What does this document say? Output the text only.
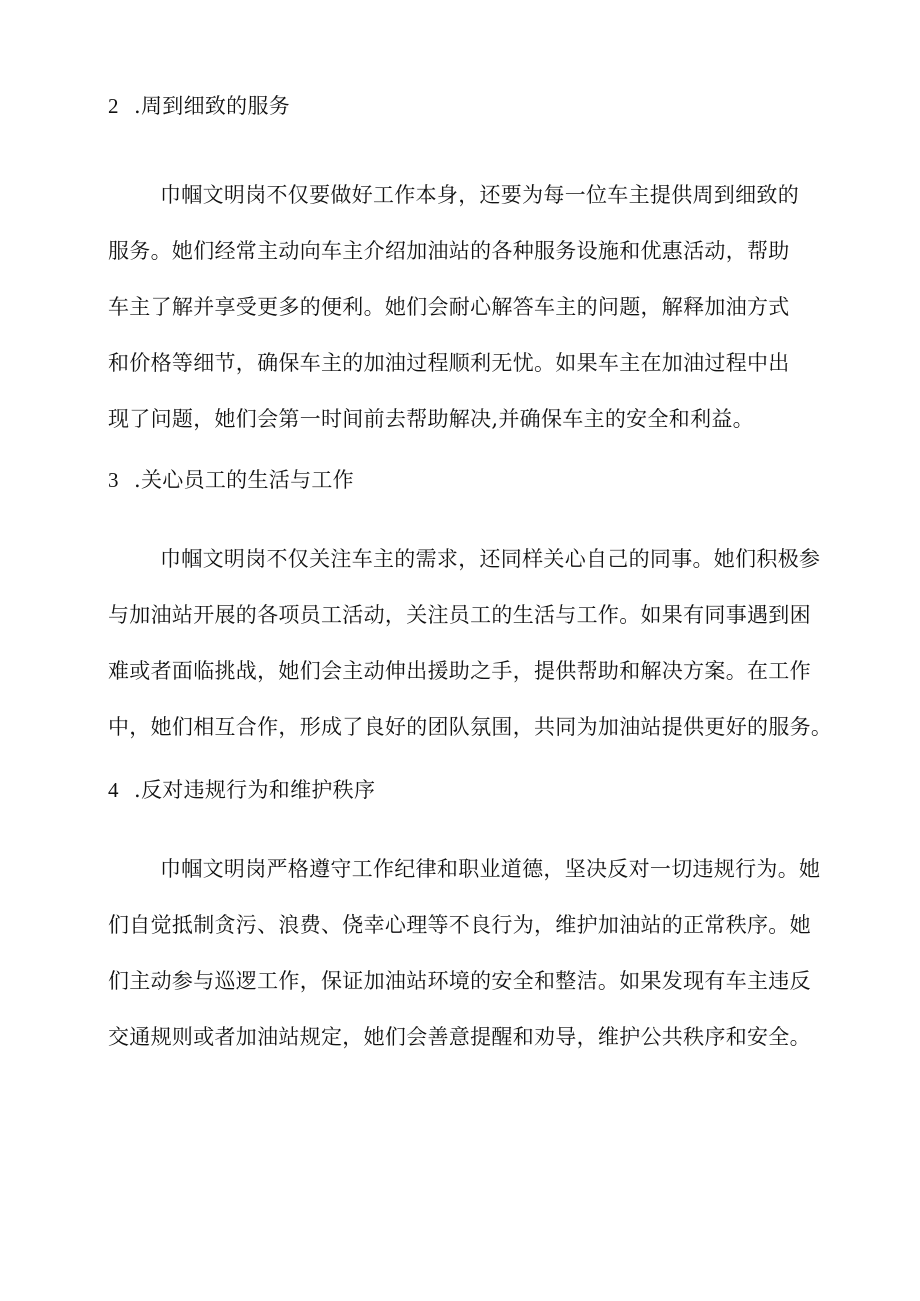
2 .周到细致的服务
巾帼文明岗不仅要做好工作本身，还要为每一位车主提供周到细致的
服务。她们经常主动向车主介绍加油站的各种服务设施和优惠活动，帮助
车主了解并享受更多的便利。她们会耐心解答车主的问题，解释加油方式
和价格等细节，确保车主的加油过程顺利无忧。如果车主在加油过程中出
现了问题，她们会第一时间前去帮助解决,并确保车主的安全和利益。
3 .关心员工的生活与工作
巾帼文明岗不仅关注车主的需求，还同样关心自己的同事。她们积极参
与加油站开展的各项员工活动，关注员工的生活与工作。如果有同事遇到困
难或者面临挑战，她们会主动伸出援助之手，提供帮助和解决方案。在工作
中，她们相互合作，形成了良好的团队氛围，共同为加油站提供更好的服务。
4 .反对违规行为和维护秩序
巾帼文明岗严格遵守工作纪律和职业道德，坚决反对一切违规行为。她
们自觉抵制贪污、浪费、侥幸心理等不良行为，维护加油站的正常秩序。她
们主动参与巡逻工作，保证加油站环境的安全和整洁。如果发现有车主违反
交通规则或者加油站规定，她们会善意提醒和劝导，维护公共秩序和安全。
